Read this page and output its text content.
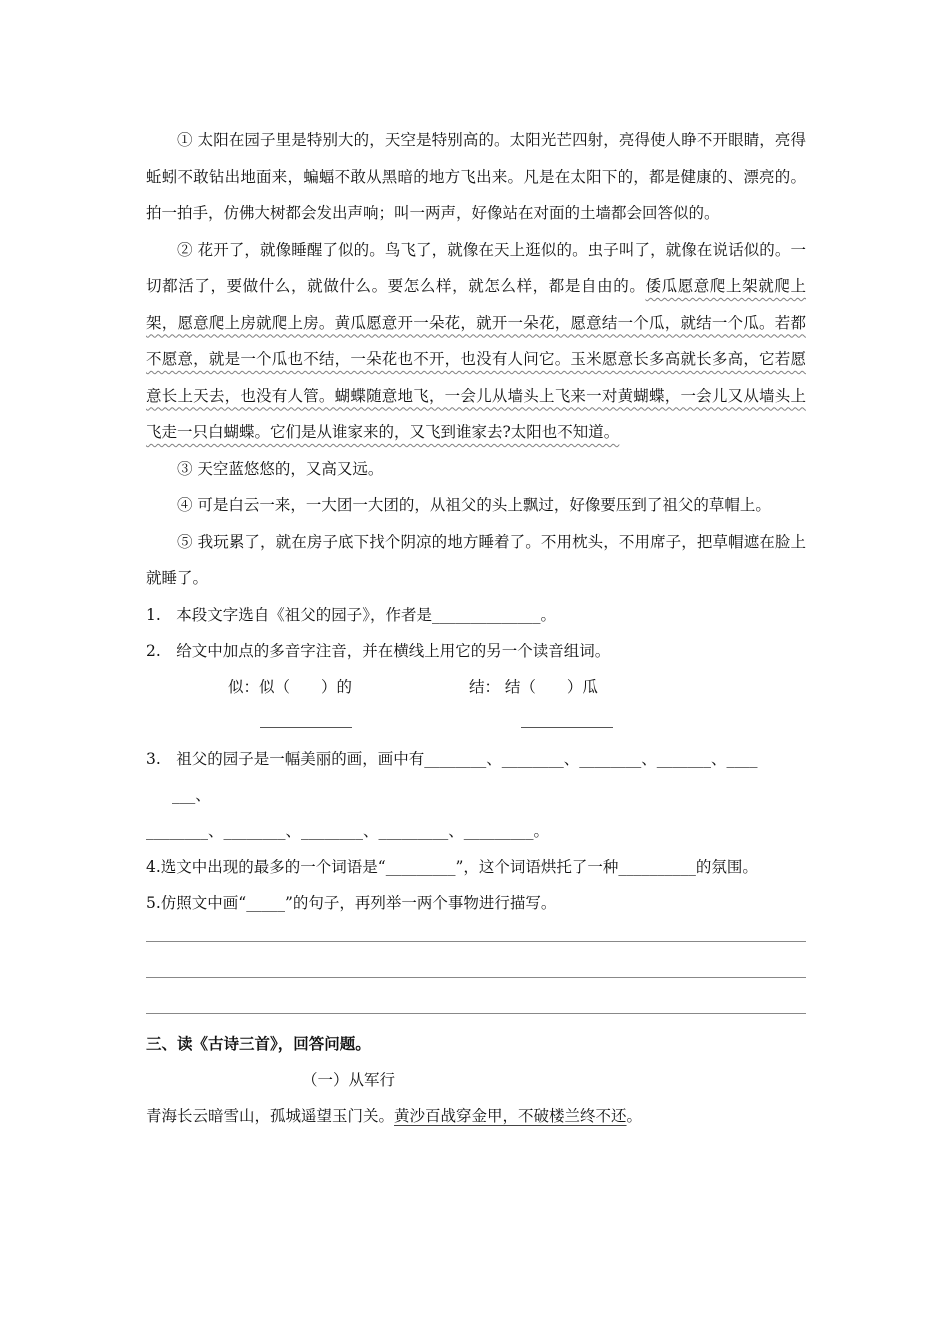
① 太阳在园子里是特别大的，天空是特别高的。太阳光芒四射，亮得使人睁不开眼睛，亮得蚯蚓不敢钻出地面来，蝙蝠不敢从黑暗的地方飞出来。凡是在太阳下的，都是健康的、漂亮的。拍一拍手，仿佛大树都会发出声响；叫一两声，好像站在对面的土墙都会回答似的。

② 花开了，就像睡醒了似的。鸟飞了，就像在天上逛似的。虫子叫了，就像在说话似的。一切都活了，要做什么，就做什么。要怎么样，就怎么样，都是自由的。倭瓜愿意爬上架就爬上架，愿意爬上房就爬上房。黄瓜愿意开一朵花，就开一朵花，愿意结一个瓜，就结一个瓜。若都不愿意，就是一个瓜也不结，一朵花也不开，也没有人问它。玉米愿意长多高就长多高，它若愿意长上天去，也没有人管。蝴蝶随意地飞，一会儿从墙头上飞来一对黄蝴蝶，一会儿又从墙头上飞走一只白蝴蝶。它们是从谁家来的，又飞到谁家去?太阳也不知道。

③ 天空蓝悠悠的，又高又远。

④ 可是白云一来，一大团一大团的，从祖父的头上飘过，好像要压到了祖父的草帽上。

⑤ 我玩累了，就在房子底下找个阴凉的地方睡着了。不用枕头，不用席子，把草帽遮在脸上就睡了。

1.　本段文字选自《祖父的园子》，作者是______________。

2.　给文中加点的多音字注音，并在横线上用它的另一个读音组词。

似：似（　　）的	结： 结（　　）瓜

3.　祖父的园子是一幅美丽的画，画中有________、________、________、_______、____

___、

________、________、________、_________、_________。

4.选文中出现的最多的一个词语是“_________”，这个词语烘托了一种__________的氛围。

5.仿照文中画“_____”的句子，再列举一两个事物进行描写。

三、读《古诗三首》，回答问题。

（一）从军行

青海长云暗雪山，孤城遥望玉门关。黄沙百战穿金甲，不破楼兰终不还。
